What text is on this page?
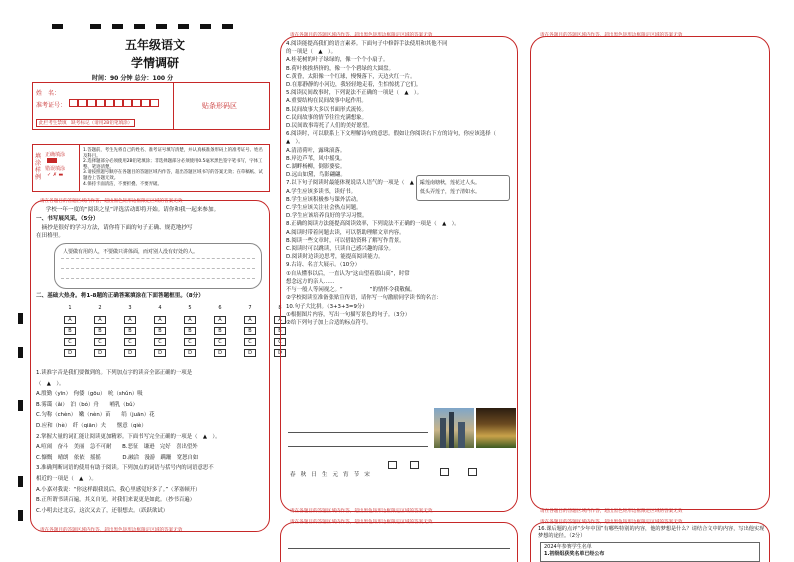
五年级语文
学情调研
时间：90 分钟 总分：100 分
姓　名：
准考证号：	贴条形码区
此栏考生禁填　缺考标记（请用2B铅笔填涂）
填涂样例
正确填涂
错误填涂
✓ ✗ ▬
1.答题前，考生先将自己的姓名、准考证号填写清楚，并认真核准条形码上的准考证号、姓名及科目。
2.选择题部分必须使用2B铅笔填涂；非选择题部分必须使用0.5毫米黑色签字笔书写，字体工整、笔迹清楚。
3.请按照题号顺序在各题目的答题区域内作答，超出答题区域书写的答案无效；在草稿纸、试题卷上答题无效。
4.保持卡面清洁，不要折叠、不要弄破。
请在各题目的答题区域内作答，超出黑色矩形边框限定区域的答案无效
　学校一年一度的“阅读之星”评选活动即将开始。请你和我一起来参加。
一、书写展风采。（5分）
　摘抄是很好的学习方法，请你将下面的句子正确、规范地抄写
在田格里。
人要做有用的人，不要做只讲体面，而对别人没有好处的人。
二、基础大热身。将1-8题的正确答案填涂在下面答题框里。（8分）
1	2	3	4	5	6	7	8
A	A	A	A	A	A	A	A
B	B	B	B	B	B	B	B
C	C	C	C	C	C	C	C
D	D	D	D	D	D	D	D
1.读准字音是我们要做到的。下列加点字的读音全部正确的一项是
（　▲　）。
A.殷勤（yīn）　佝偻（gōu）　吮（shǔn）吸
B.雾霭（ǎi）　泊（bó）舟　　哺乳（bǔ）
C.匀称（chèn）　嫩（nèn）苗　　绢（juān）花
D.应和（hè）　纤（qiān）夫　　惬意（qiè）
2.掌握大量的词汇能让阅读更加精彩。下面书写完全正确的一项是（　▲　）。
A.喧闹　奋斗　美丽　急不可耐　　B.恶征　谦逊　完好　喜出望外
C.慷慨　晴朗　依依　摇摇　　　　D.融洽　漫游　蹒跚　宽恕自如
3.准确判断词语的使用有助于阅读。下列加点的词语与括号内的词语意思不
相近的一项是（　▲　）。
A.小嘉对我说：“你这样跟我说后，我心里感觉好多了。”（茅塞顿开）
B.正所谓书读百遍，其义自见，对我们来说更是如此。（抄书百遍）
C.小明去过北京，这次又去了，还很想去。（跃跃欲试）
请在各题目的答题区域内作答，超出黑色矩形边框限定区域的答案无效
请在各题目的答题区域内作答，超出黑色矩形边框限定区域的答案无效
4.阅读能提高我们的语言素养。下面句子中修辞手法使用和其他不同
的一项是（　▲　）。
A.桂花树的叶子绿绿的，像一个个小扇子。
B.荷叶挨挨挤挤的，像一个个碧绿的大圆盘。
C.黄昏，太阳像一个红球，慢慢落下，天边火红一片。
D.在那静静的小河边，我轻轻地走着，生怕惊扰了它们。
5.阅读民间故事时，下列说法不正确的一项是（　▲　）。
A.重要结构在民间故事中起作用。
B.民间故事大多以书面形式流传。
C.民间故事的情节往往充满想象。
D.民间故事寄托了人们的美好愿望。
6.阅读时，可以联系上下文理解诗句的意思。假如让你阅读右下方的诗句，你应该选择（　▲　）。
A.清清荷叶，露珠滚落。
B.岸边芦苇，风中摇曳。
C.湖畔杨柳，倒影婆娑。
D.远山如黛，鸟影翩翩。
7.以下句子阅读时最能体现说话人语气的一项是（　▲　）。
A.学生应该多读书，读好书。
B.学生应该积极参与课外活动。
C.学生应该关注社会热点问题。
D.学生应该培养良好的学习习惯。
8.正确的阅读方法能提高阅读效率，下列说法不正确的一项是（　▲　）。
A.阅读时带着问题去读，可以帮助理解文章内容。
B.阅读一些文章时，可以借助资料了解写作背景。
C.阅读时可以跳读，只读自己感兴趣的部分。
D.阅读时边读边思考，能提高阅读能力。
9.古诗、名言大展示。（10分）
①自从懂事以后，一直认为“这山望着那山高”，时常
想念远方的亲人……
不与一般人等闲视之。“　　　　　”的情怀令我敬佩。
②学校阅读室准备张贴宣传语，请你写一句激励同学读书的名言：
10.句子大比拼。（3+3+3=9分）
①根据图片内容，写出一句描写景色的句子。（3分）
②给下列句子加上合适的标点符号。
采莲南塘秋，莲花过人头。
低头弄莲子，莲子清如水。
春 秋 日 生 元 宵 节 宋
请在各题目的答题区域内作答，超出黑色矩形边框限定区域的答案无效
请在各题目的答题区域内作答，超出黑色矩形边框限定区域的答案无效
请在各题目的答题区域内作答，超出黑色矩形边框限定区域的答案无效
请在各题目的答题区域内作答，超出黑色矩形边框限定区域的答案无效
请在各题目的答题区域内作答，超出黑色矩形边框限定区域的答案无效
16.课后题的点评“少年中国”有哪些特别的内容，他的梦想是什么？请结合文中的内容，写出他实现梦想的途径。（2分）
2024年参赛学生名单
1.初级组获奖名单已经公布
